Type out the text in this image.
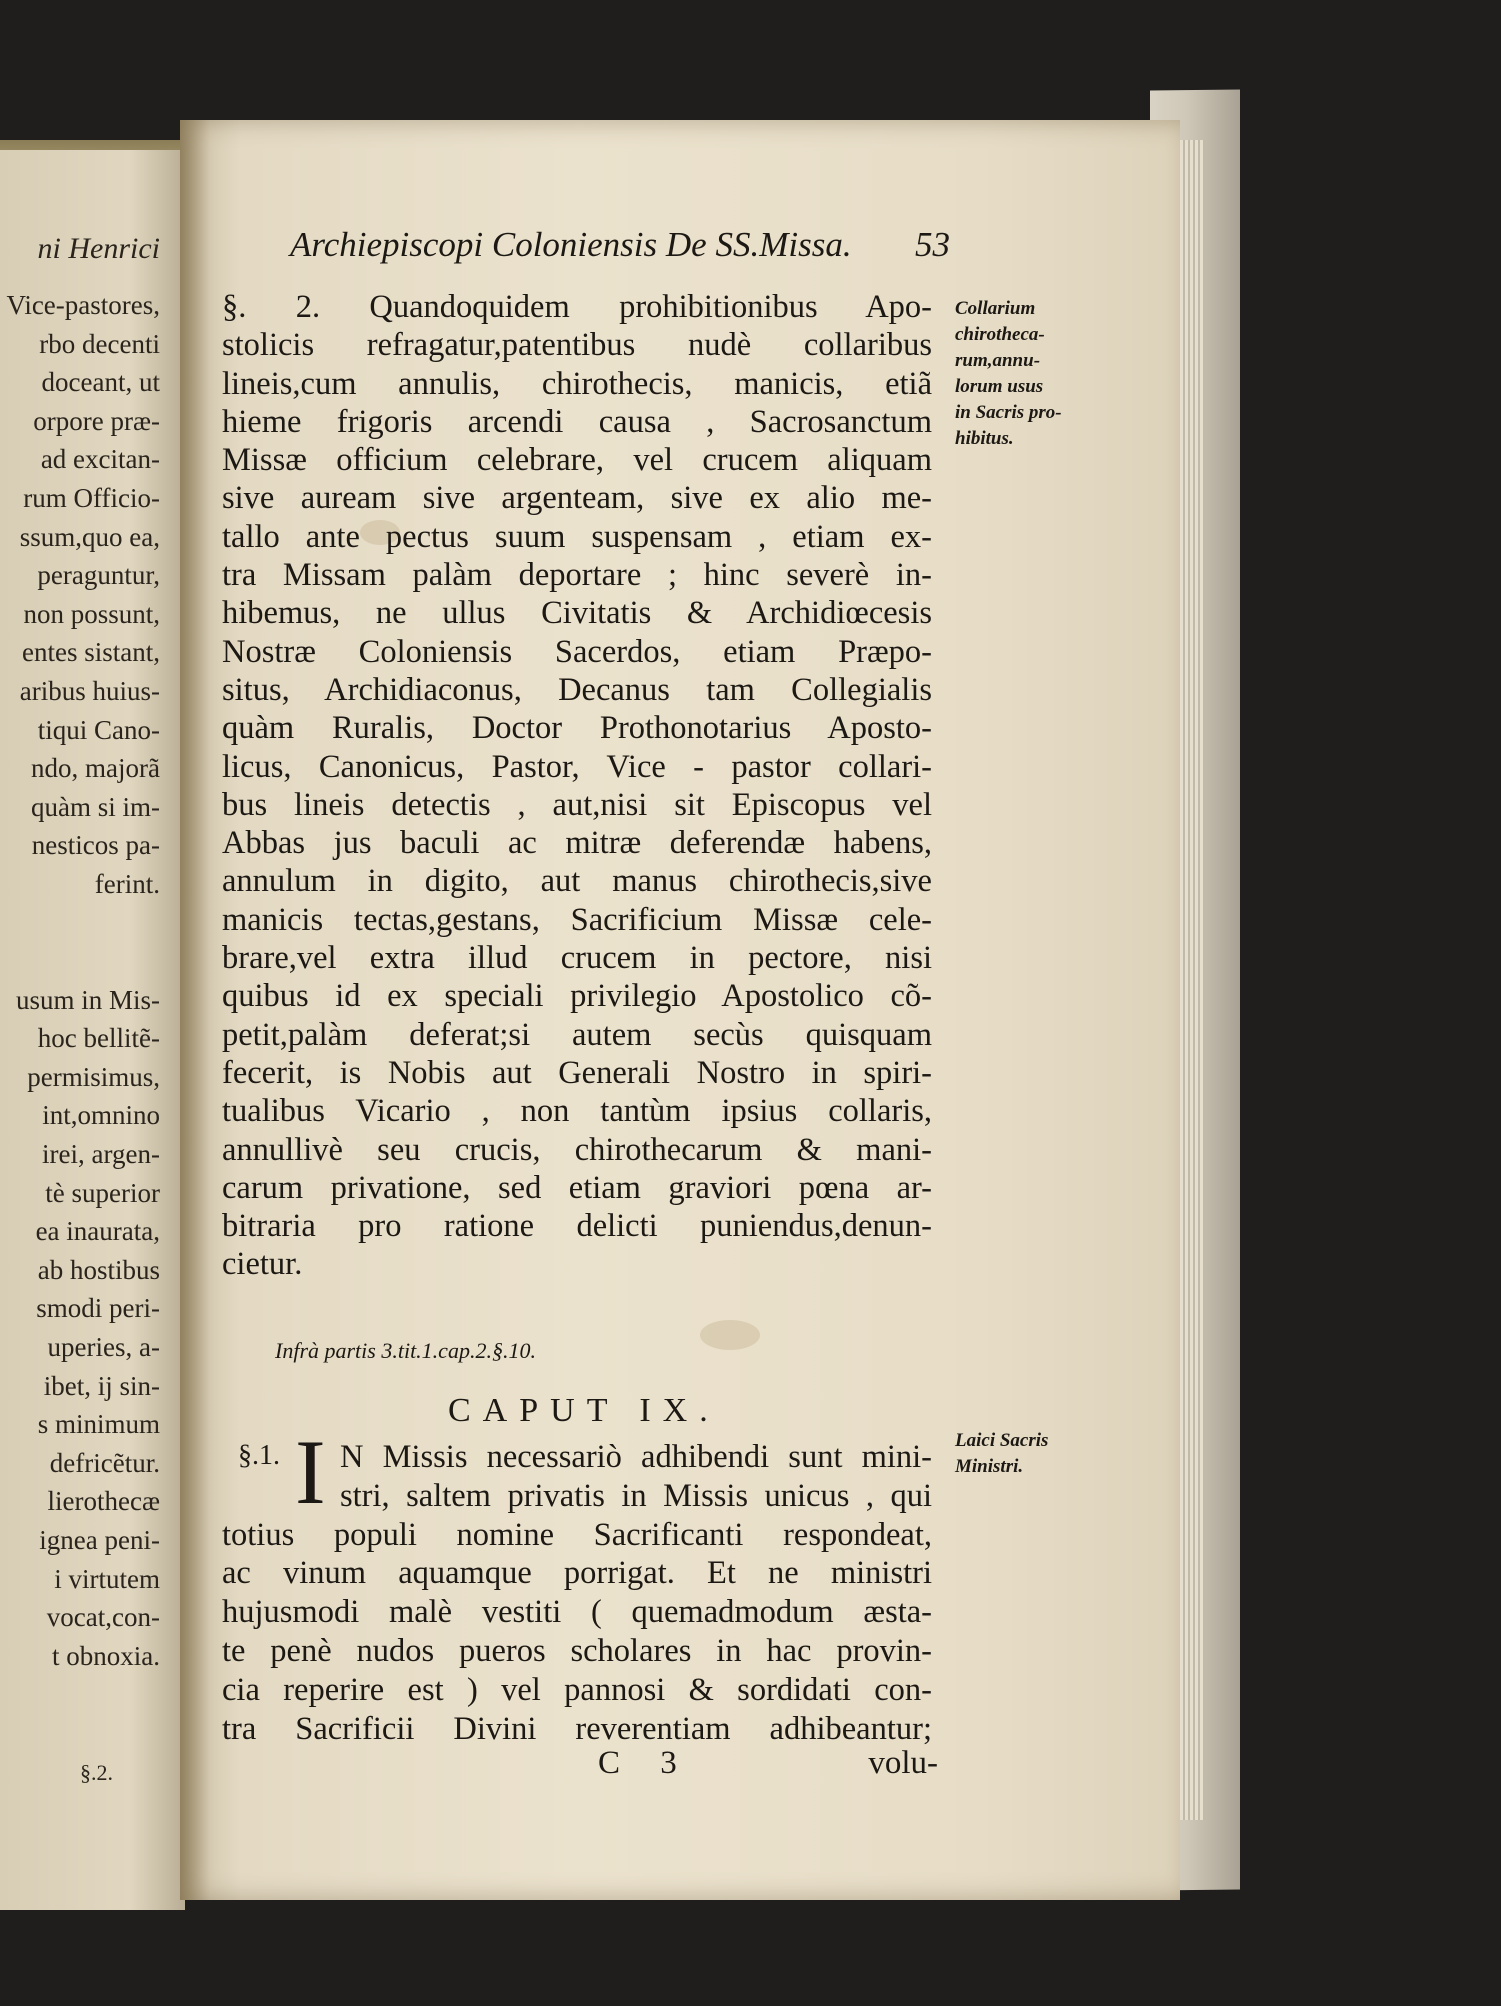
ni Henrici
Vice-pastores,
rbo decenti
doceant, ut
orpore præ-
ad excitan-
rum Officio-
ssum,quo ea,
peraguntur,
non possunt,
entes sistant,
aribus huius-
tiqui Cano-
ndo, majorã
quàm si im-
nesticos pa-
ferint.

usum in Mis-
hoc bellitẽ-
permisimus,
int,omnino
irei, argen-
tè superior
ea inaurata,
ab hostibus
smodi peri-
uperies, a-
ibet, ij sin-
s minimum
defricẽtur.
lierothecæ
ignea peni-
i virtutem
vocat,con-
t obnoxia.

§.2.
Archiepiscopi Coloniensis De SS.Missa. 53
§. 2. Quandoquidem prohibitionibus Apo-
stolicis refragatur,patentibus nudè collaribus
lineis,cum annulis, chirothecis, manicis, etiã
hieme frigoris arcendi causa , Sacrosanctum
Missæ officium celebrare, vel crucem aliquam
sive auream sive argenteam, sive ex alio me-
tallo ante pectus suum suspensam , etiam ex-
tra Missam palàm deportare ; hinc severè in-
hibemus, ne ullus Civitatis & Archidiœcesis
Nostræ Coloniensis Sacerdos, etiam Præpo-
situs, Archidiaconus, Decanus tam Collegialis
quàm Ruralis, Doctor Prothonotarius Aposto-
licus, Canonicus, Pastor, Vice - pastor collari-
bus lineis detectis , aut,nisi sit Episcopus vel
Abbas jus baculi ac mitræ deferendæ habens,
annulum in digito, aut manus chirothecis,sive
manicis tectas,gestans, Sacrificium Missæ cele-
brare,vel extra illud crucem in pectore, nisi
quibus id ex speciali privilegio Apostolico cõ-
petit,palàm deferat;si autem secùs quisquam
fecerit, is Nobis aut Generali Nostro in spiri-
tualibus Vicario , non tantùm ipsius collaris,
annullivè seu crucis, chirothecarum & mani-
carum privatione, sed etiam graviori pœna ar-
bitraria pro ratione delicti puniendus,denun-
cietur.
Collarium
chirotheca-
rum,annu-
lorum usus
in Sacris pro-
hibitus.
Infrà partis 3.tit.1.cap.2.§.10.
CAPUT IX.
§.1. I N Missis necessariò adhibendi sunt mini-
stri, saltem privatis in Missis unicus , qui
totius populi nomine Sacrificanti respondeat,
ac vinum aquamque porrigat. Et ne ministri
hujusmodi malè vestiti ( quemadmodum æsta-
te penè nudos pueros scholares in hac provin-
cia reperire est ) vel pannosi & sordidati con-
tra Sacrificii Divini reverentiam adhibeantur;
Laici Sacris
Ministri.
C 3	volu-
